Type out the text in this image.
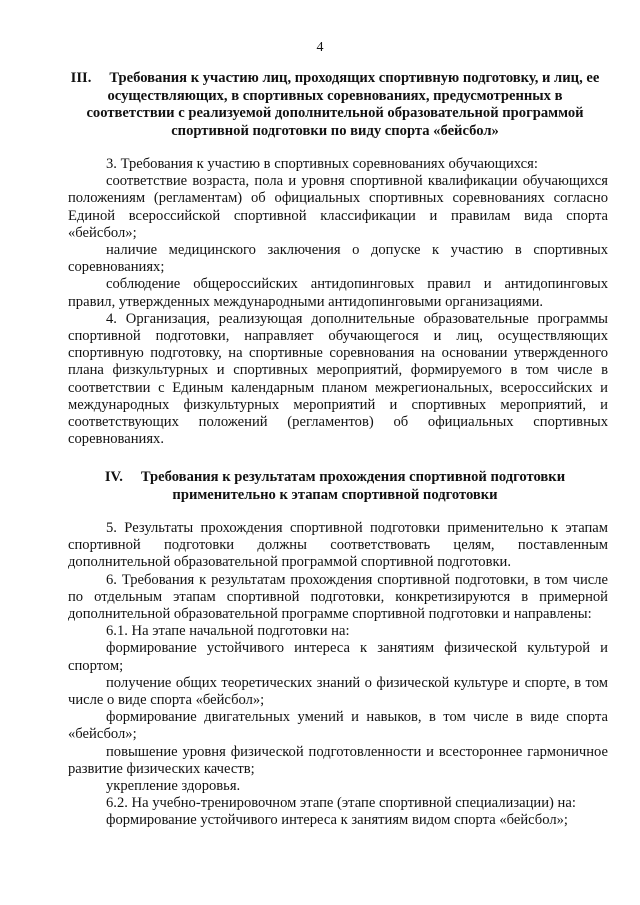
4
III. Требования к участию лиц, проходящих спортивную подготовку, и лиц, ее осуществляющих, в спортивных соревнованиях, предусмотренных в соответствии с реализуемой дополнительной образовательной программой спортивной подготовки по виду спорта «бейсбол»

3. Требования к участию в спортивных соревнованиях обучающихся:

соответствие возраста, пола и уровня спортивной квалификации обучающихся положениям (регламентам) об официальных спортивных соревнованиях согласно Единой всероссийской спортивной классификации и правилам вида спорта «бейсбол»;

наличие медицинского заключения о допуске к участию в спортивных соревнованиях;

соблюдение общероссийских антидопинговых правил и антидопинговых правил, утвержденных международными антидопинговыми организациями.

4. Организация, реализующая дополнительные образовательные программы спортивной подготовки, направляет обучающегося и лиц, осуществляющих спортивную подготовку, на спортивные соревнования на основании утвержденного плана физкультурных и спортивных мероприятий, формируемого в том числе в соответствии с Единым календарным планом межрегиональных, всероссийских и международных физкультурных мероприятий и спортивных мероприятий, и соответствующих положений (регламентов) об официальных спортивных соревнованиях.

IV. Требования к результатам прохождения спортивной подготовки применительно к этапам спортивной подготовки

5. Результаты прохождения спортивной подготовки применительно к этапам спортивной подготовки должны соответствовать целям, поставленным дополнительной образовательной программой спортивной подготовки.

6. Требования к результатам прохождения спортивной подготовки, в том числе по отдельным этапам спортивной подготовки, конкретизируются в примерной дополнительной образовательной программе спортивной подготовки и направлены:

6.1. На этапе начальной подготовки на:

формирование устойчивого интереса к занятиям физической культурой и спортом;

получение общих теоретических знаний о физической культуре и спорте, в том числе о виде спорта «бейсбол»;

формирование двигательных умений и навыков, в том числе в виде спорта «бейсбол»;

повышение уровня физической подготовленности и всестороннее гармоничное развитие физических качеств;

укрепление здоровья.

6.2. На учебно-тренировочном этапе (этапе спортивной специализации) на:

формирование устойчивого интереса к занятиям видом спорта «бейсбол»;
